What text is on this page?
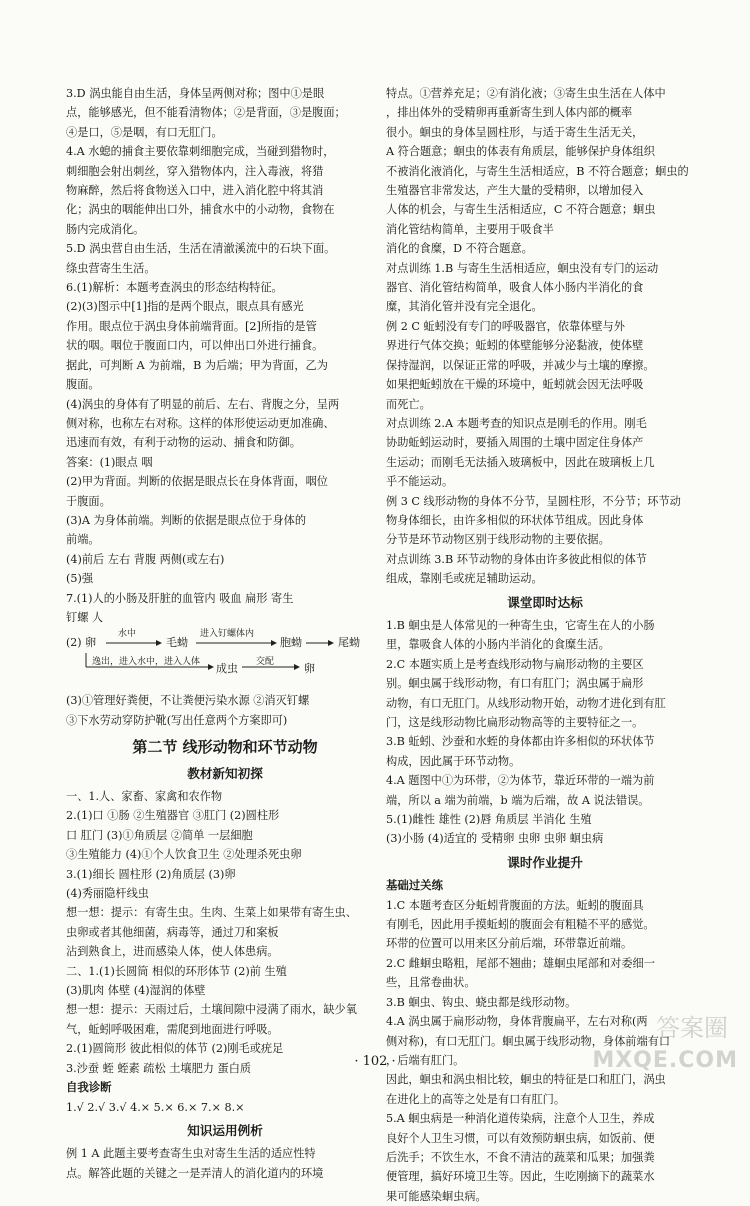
3.D 涡虫能自由生活，身体呈两侧对称；图中①是眼
点，能够感光，但不能看清物体；②是背面，③是腹面；
④是口，⑤是咽，有口无肛门。
4.A 水螅的捕食主要依靠刺细胞完成，当碰到猎物时，
刺细胞会射出刺丝，穿入猎物体内，注入毒液，将猎
物麻醉，然后将食物送入口中，进入消化腔中将其消
化；涡虫的咽能伸出口外，捕食水中的小动物，食物在
肠内完成消化。
5.D 涡虫营自由生活，生活在清澈溪流中的石块下面。
绦虫营寄生生活。
6.(1)解析：本题考查涡虫的形态结构特征。
(2)(3)图示中[1]指的是两个眼点，眼点具有感光
作用。眼点位于涡虫身体前端背面。[2]所指的是管
状的咽。咽位于腹面口内，可以伸出口外进行捕食。
据此，可判断 A 为前端，B 为后端；甲为背面，乙为
腹面。
(4)涡虫的身体有了明显的前后、左右、背腹之分，呈两
侧对称，也称左右对称。这样的体形使运动更加准确、
迅速而有效，有利于动物的运动、捕食和防御。
答案：(1)眼点 咽
(2)甲为背面。判断的依据是眼点长在身体背面，咽位
于腹面。
(3)A 为身体前端。判断的依据是眼点位于身体的
前端。
(4)前后 左右 背腹 两侧(或左右)
(5)强
7.(1)人的小肠及肝脏的血管内 吸血 扁形 寄生
钉螺 人
(2) 卵
水中
毛蚴
进入钉螺体内
胞蚴	尾蚴
逸出，进入水中，进入人体 成虫 交配	卵
(3)①管理好粪便，不让粪便污染水源 ②消灭钉螺
③下水劳动穿防护靴(写出任意两个方案即可)
第二节 线形动物和环节动物
教材新知初探
一、1.人、家畜、家禽和农作物
2.(1)口 ①肠 ②生殖器官 ③肛门 (2)圆柱形
口 肛门 (3)①角质层 ②简单 一层細胞
③生殖能力 (4)①个人饮食卫生 ②处理杀死虫卵
3.(1)细长 圆柱形 (2)角质层 (3)卵
(4)秀丽隐杆线虫
想一想：提示：有寄生虫。生肉、生菜上如果带有寄生虫、
虫卵或者其他细菌，病毒等，通过刀和案板
沾到熟食上，进而感染人体，使人体患病。
二、1.(1)长圆筒 相似的环形体节 (2)前 生殖
(3)肌肉 体壁 (4)湿润的体壁
想一想：提示：天雨过后，土壤间隙中浸满了雨水，缺少氧
气，蚯蚓呼吸困难，需爬到地面进行呼吸。
2.(1)圆筒形 彼此相似的体节 (2)刚毛或疣足
3.沙蚕 蛭 蛭素 疏松 土壤肥力 蛋白质
自我诊断
1.√ 2.√ 3.√ 4.× 5.× 6.× 7.× 8.×
知识运用例析
例 1 A 此题主要考查寄生虫对寄生生活的适应性特
点。解答此题的关键之一是弄清人的消化道内的环境
特点。①营养充足；②有消化液；③寄生虫生活在人体中
，排出体外的受精卵再重新寄生到人体内部的概率
很小。蛔虫的身体呈圆柱形，与适于寄生生活无关，
A 符合题意；蛔虫的体表有角质层，能够保护身体组织
不被消化液消化，与寄生生活相适应，B 不符合题意；蛔虫的
生殖器官非常发达，产生大量的受精卵，以增加侵入
人体的机会，与寄生生活相适应，C 不符合题意；蛔虫
消化管结构简单，主要用于吸食半
消化的食糜，D 不符合题意。
对点训练 1.B 与寄生生活相适应，蛔虫没有专门的运动
器官、消化管结构简单，吸食人体小肠内半消化的食
糜，其消化管并没有完全退化。
例 2 C 蚯蚓没有专门的呼吸器官，依靠体壁与外
界进行气体交换；蚯蚓的体壁能够分泌黏液，使体壁
保持湿润，以保证正常的呼吸，并减少与土壤的摩擦。
如果把蚯蚓放在干燥的环境中，蚯蚓就会因无法呼吸
而死亡。
对点训练 2.A 本题考查的知识点是刚毛的作用。刚毛
协助蚯蚓运动时，要插入周围的土壤中固定住身体产
生运动；而刚毛无法插入玻璃板中，因此在玻璃板上几
乎不能运动。
例 3 C 线形动物的身体不分节，呈圆柱形，不分节；环节动
物身体细长，由许多相似的环状体节组成。因此身体
分节是环节动物区别于线形动物的主要依据。
对点训练 3.B 环节动物的身体由许多彼此相似的体节
组成，靠刚毛或疣足辅助运动。
课堂即时达标
1.B 蛔虫是人体常见的一种寄生虫，它寄生在人的小肠
里，靠吸食人体的小肠内半消化的食糜生活。
2.C 本题实质上是考查线形动物与扁形动物的主要区
别。蛔虫属于线形动物，有口有肛门；涡虫属于扁形
动物，有口无肛门。从线形动物开始，动物才进化到有肛
门，这是线形动物比扁形动物高等的主要特征之一。
3.B 蚯蚓、沙蚕和水蛭的身体都由许多相似的环状体节
构成，因此属于环节动物。
4.A 题图中①为环带，②为体节，靠近环带的一端为前
端，所以 a 端为前端，b 端为后端，故 A 说法错误。
5.(1)雌性 雄性 (2)唇 角质层 半消化 生殖
(3)小肠 (4)适宜的 受精卵 虫卵 虫卵 蛔虫病
课时作业提升
基础过关练
1.C 本题考查区分蚯蚓背腹面的方法。蚯蚓的腹面具
有刚毛，因此用手摸蚯蚓的腹面会有粗糙不平的感觉。
环带的位置可以用来区分前后端，环带靠近前端。
2.C 雌蛔虫略粗，尾部不翘曲；雄蛔虫尾部和对委细一
些，且常卷曲状。
3.B 蛔虫、钩虫、蛲虫都是线形动物。
4.A 涡虫属于扁形动物，身体背腹扁平，左右对称(两
侧对称)，有口无肛门。蛔虫属于线形动物，身体前端有口
，后端有肛门。
因此，蛔虫和涡虫相比较，蛔虫的特征是口和肛门，涡虫
在进化上的高等之处是有口有肛门。
5.A 蛔虫病是一种消化道传染病，注意个人卫生，养成
良好个人卫生习惯，可以有效预防蛔虫病，如饭前、便
后洗手；不饮生水，不食不清洁的蔬菜和瓜果；加强粪
便管理，搞好环境卫生等。因此，生吃刚摘下的蔬菜水
果可能感染蛔虫病。
· 102 ·
答案圈
MXQE.COM
